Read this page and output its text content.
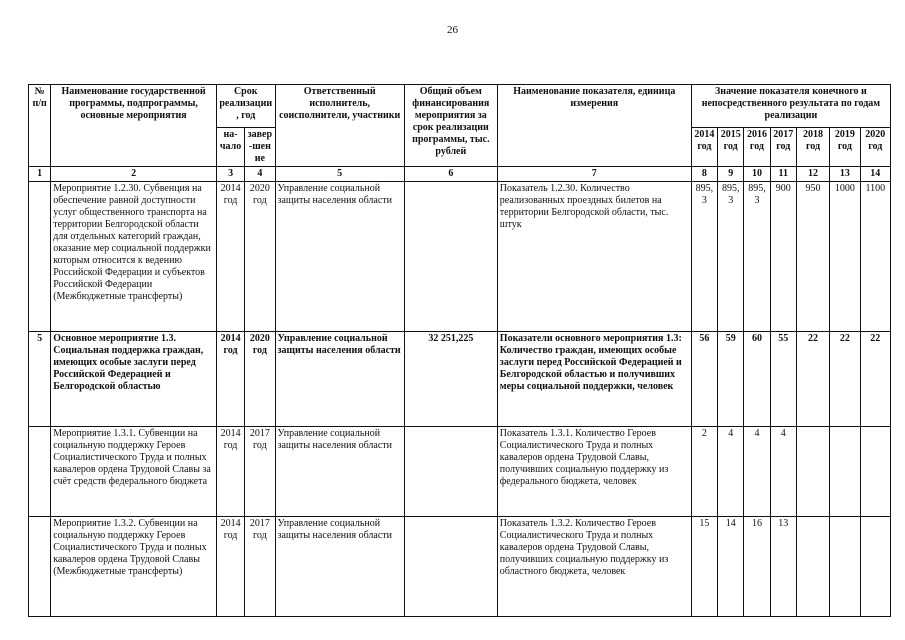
26
№ п/п	Наименование государственной программы, подпрограммы, основные мероприятия	Срок реализации, год		Ответственный исполнитель, соисполнители, участники	Общий объем финансирования мероприятия за срок реализации программы, тыс. рублей	Наименование показателя, единица измерения	Значение показателя конечного и непосредственного результата по годам реализации						
		на-чало	завер-шение				2014 год	2015 год	2016 год	2017 год	2018 год	2019 год	2020 год
1	2	3	4	5	6	7	8	9	10	11	12	13	14
	Мероприятие 1.2.30. Субвенция на обеспечение равной доступности услуг общественного транспорта на территории Белгородской области для отдельных категорий граждан, оказание мер социальной поддержки которым относится к ведению Российской Федерации и субъектов Российской Федерации (Межбюджетные трансферты)	2014 год	2020 год	Управление социальной защиты населения области		Показатель 1.2.30. Количество реализованных проездных билетов на территории Белгородской области, тыс. штук	895,3	895,3	895,3	900	950	1000	1100
5	Основное мероприятие 1.3. Социальная поддержка граждан, имеющих особые заслуги перед Российской Федерацией и Белгородской областью	2014 год	2020 год	Управление социальной защиты населения области	32 251,225	Показатели основного мероприятия 1.3: Количество граждан, имеющих особые заслуги перед Российской Федерацией и Белгородской областью и получивших меры социальной поддержки, человек	56	59	60	55	22	22	22
	Мероприятие 1.3.1. Субвенции на социальную поддержку Героев Социалистического Труда и полных кавалеров ордена Трудовой Славы за счёт средств федерального бюджета	2014 год	2017 год	Управление социальной защиты населения области		Показатель 1.3.1. Количество Героев Социалистического Труда и полных кавалеров ордена Трудовой Славы, получивших социальную поддержку из федерального бюджета, человек	2	4	4	4			
	Мероприятие 1.3.2. Субвенции на социальную поддержку Героев Социалистического Труда и полных кавалеров ордена Трудовой Славы (Межбюджетные трансферты)	2014 год	2017 год	Управление социальной защиты населения области		Показатель 1.3.2. Количество Героев Социалистического Труда и полных кавалеров ордена Трудовой Славы, получивших социальную поддержку из областного бюджета, человек	15	14	16	13			
